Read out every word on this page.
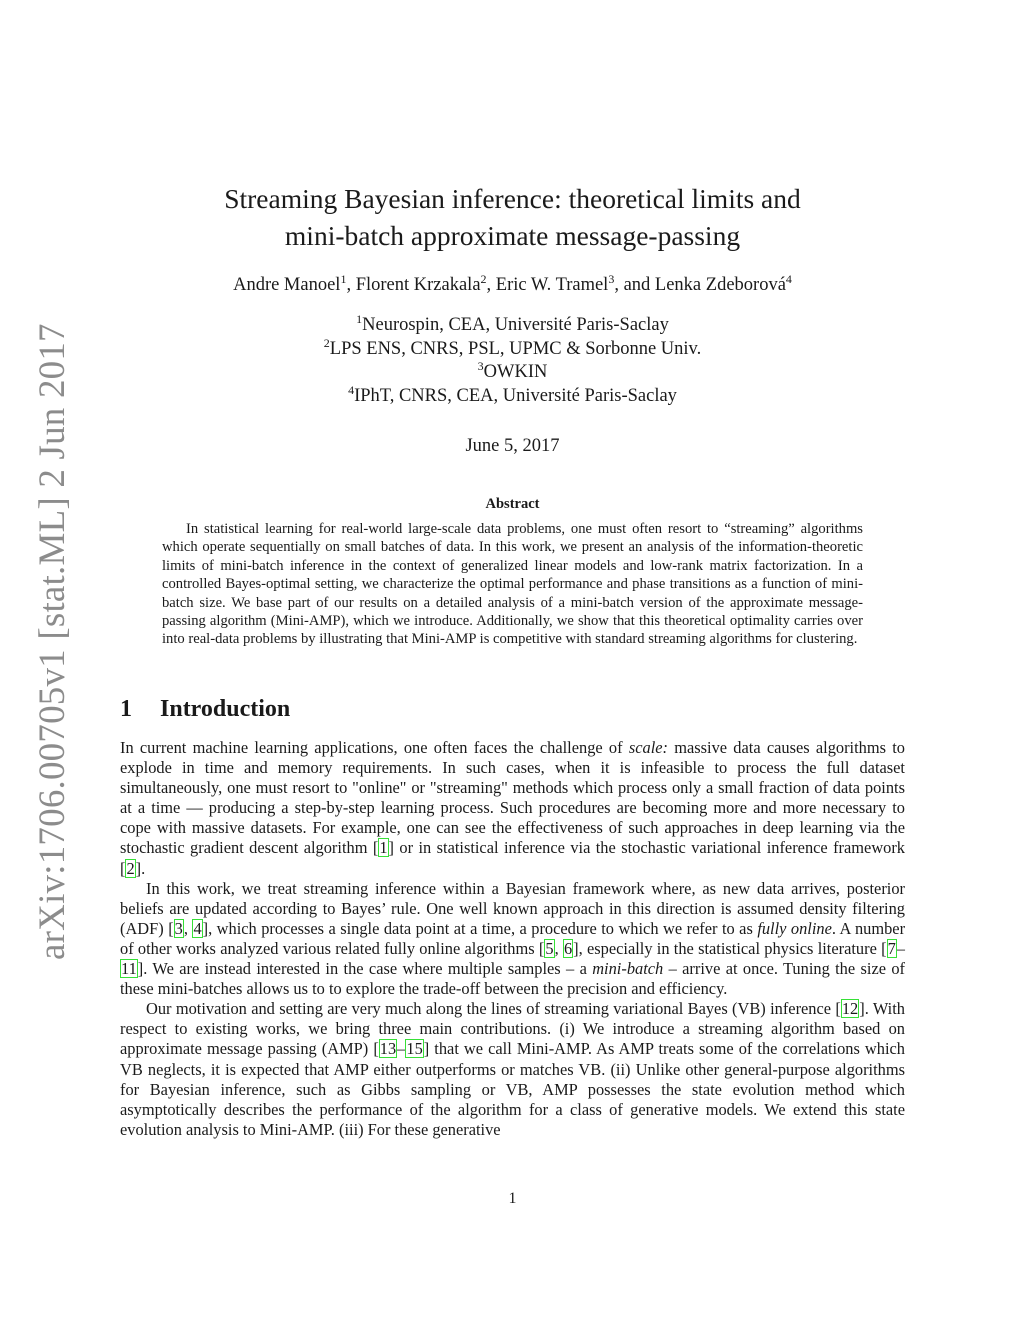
arXiv:1706.00705v1 [stat.ML] 2 Jun 2017
Streaming Bayesian inference: theoretical limits and
mini-batch approximate message-passing
Andre Manoel$^1$, Florent Krzakala$^2$, Eric W. Tramel$^3$, and Lenka Zdeborová$^4$
$^1$Neurospin, CEA, Université Paris-Saclay
$^2$LPS ENS, CNRS, PSL, UPMC & Sorbonne Univ.
$^3$OWKIN
$^4$IPhT, CNRS, CEA, Université Paris-Saclay
June 5, 2017
Abstract

In statistical learning for real-world large-scale data problems, one must often resort to “streaming” algorithms which operate sequentially on small batches of data. In this work, we present an analysis of the information-theoretic limits of mini-batch inference in the context of generalized linear models and low-rank matrix factorization. In a controlled Bayes-optimal setting, we characterize the optimal performance and phase transitions as a function of mini-batch size. We base part of our results on a detailed analysis of a mini-batch version of the approximate message-passing algorithm (Mini-AMP), which we introduce. Additionally, we show that this theoretical optimality carries over into real-data problems by illustrating that Mini-AMP is competitive with standard streaming algorithms for clustering.

1 Introduction

In current machine learning applications, one often faces the challenge of scale: massive data causes algorithms to explode in time and memory requirements. In such cases, when it is infeasible to process the full dataset simultaneously, one must resort to "online" or "streaming" methods which process only a small fraction of data points at a time — producing a step-by-step learning process. Such procedures are becoming more and more necessary to cope with massive datasets. For example, one can see the effectiveness of such approaches in deep learning via the stochastic gradient descent algorithm [1] or in statistical inference via the stochastic variational inference framework [2].

In this work, we treat streaming inference within a Bayesian framework where, as new data arrives, posterior beliefs are updated according to Bayes’ rule. One well known approach in this direction is assumed density filtering (ADF) [3, 4], which processes a single data point at a time, a procedure to which we refer to as fully online. A number of other works analyzed various related fully online algorithms [5, 6], especially in the statistical physics literature [7–11]. We are instead interested in the case where multiple samples – a mini-batch – arrive at once. Tuning the size of these mini-batches allows us to to explore the trade-off between the precision and efficiency.

Our motivation and setting are very much along the lines of streaming variational Bayes (VB) inference [12]. With respect to existing works, we bring three main contributions. (i) We introduce a streaming algorithm based on approximate message passing (AMP) [13–15] that we call Mini-AMP. As AMP treats some of the correlations which VB neglects, it is expected that AMP either outperforms or matches VB. (ii) Unlike other general-purpose algorithms for Bayesian inference, such as Gibbs sampling or VB, AMP possesses the state evolution method which asymptotically describes the performance of the algorithm for a class of generative models. We extend this state evolution analysis to Mini-AMP. (iii) For these generative

1
